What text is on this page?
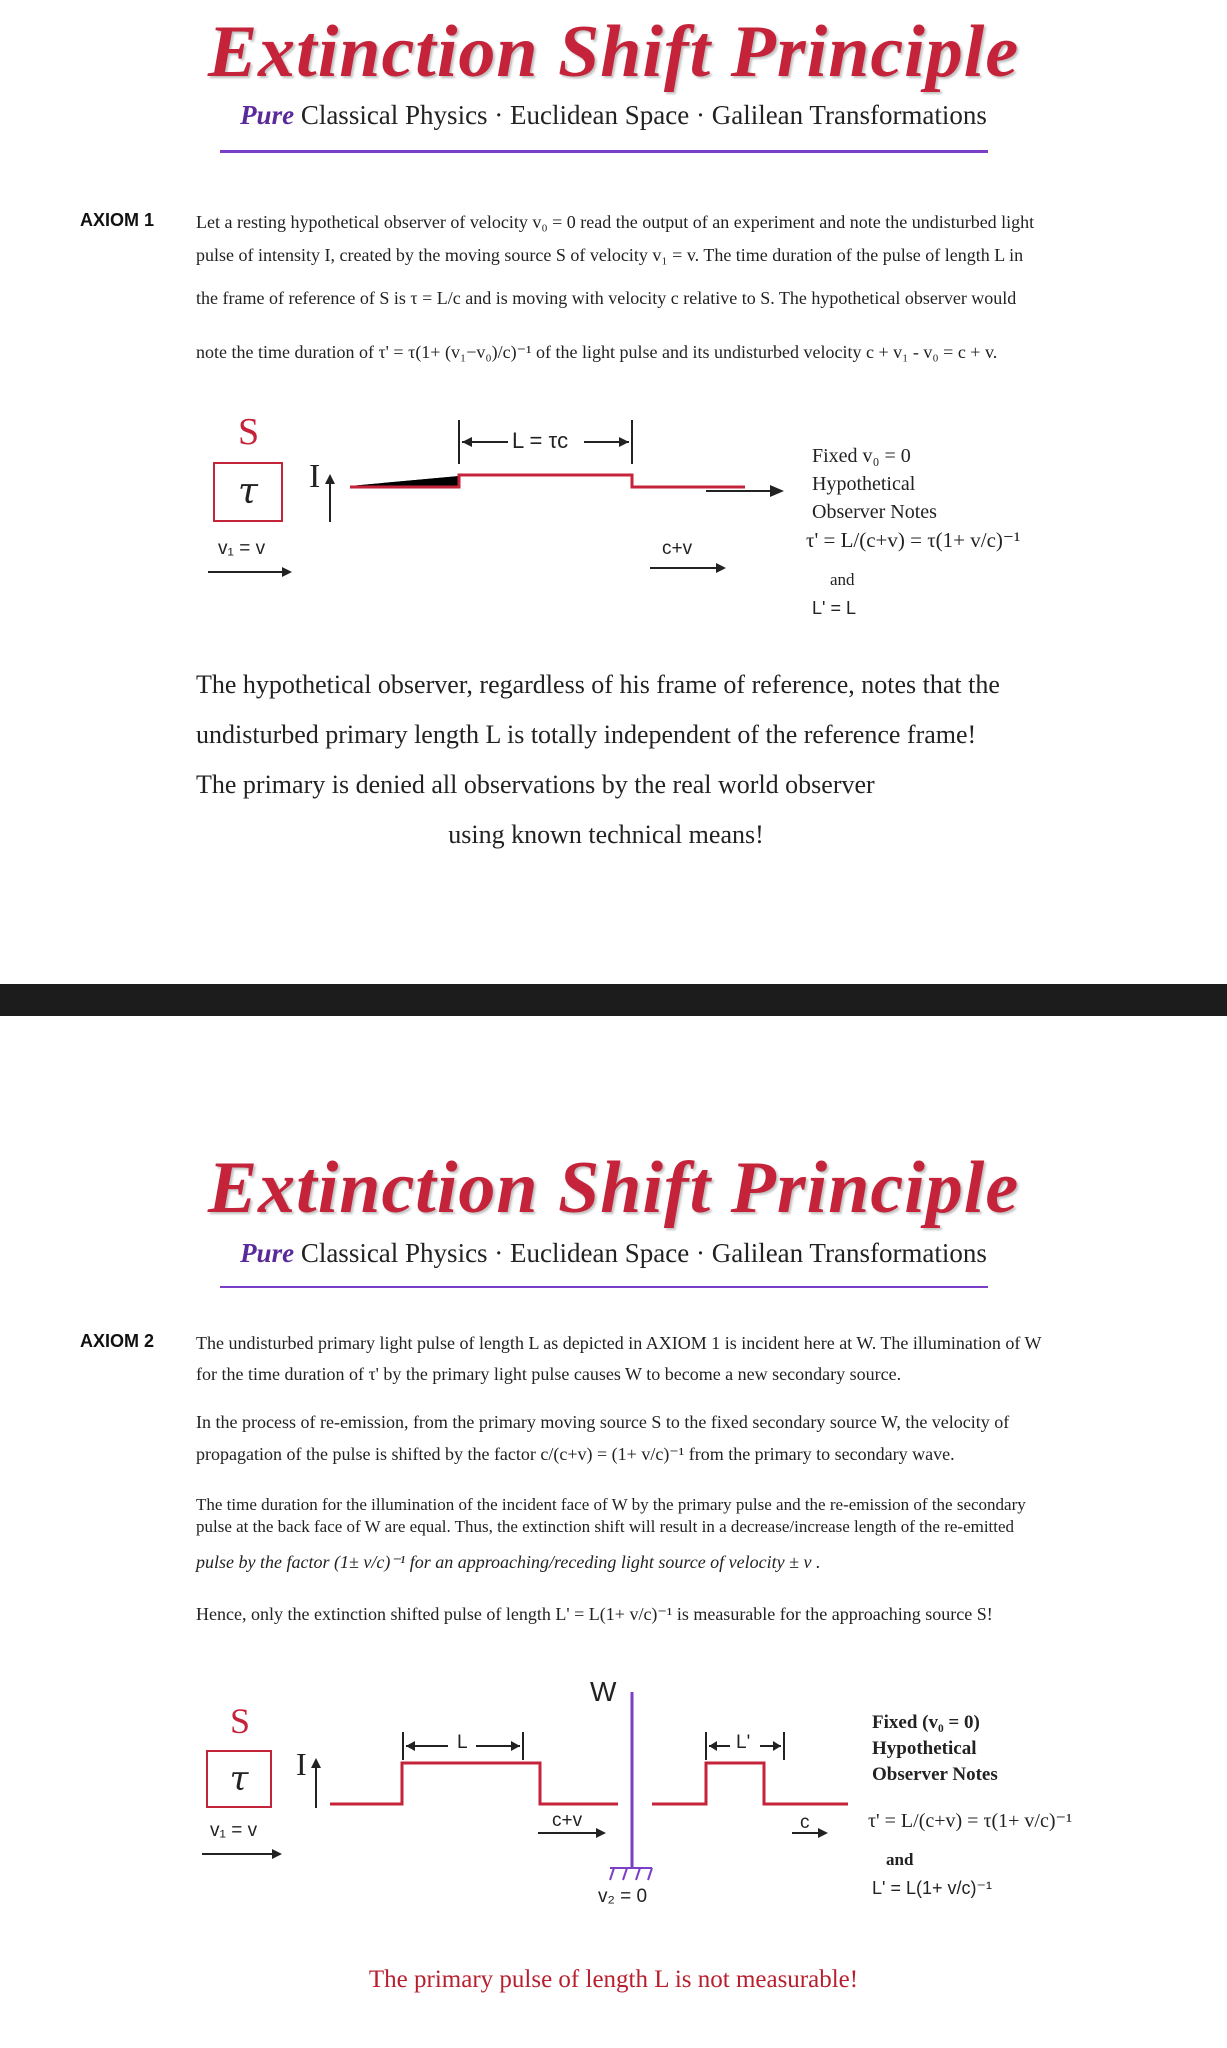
Extinction Shift Principle
Pure Classical Physics · Euclidean Space · Galilean Transformations
AXIOM 1 Let a resting hypothetical observer of velocity v₀ = 0 read the output of an experiment and note the undisturbed light
pulse of intensity I, created by the moving source S of velocity v₁ = v. The time duration of the pulse of length L in
the frame of reference of S is τ = L/c and is moving with velocity c relative to S. The hypothetical observer would
note the time duration of τ' = τ(1+ (v₁−v₀)/c)⁻¹ of the light pulse and its undisturbed velocity c + v₁ - v₀ = c + v.
S
τ
v₁ = v
I
L = τc
c+v
Fixed v₀ = 0
Hypothetical
Observer Notes
τ' = L/(c+v) = τ(1+ v/c)⁻¹
and
L' = L
The hypothetical observer, regardless of his frame of reference, notes that the
undisturbed primary length L is totally independent of the reference frame!
The primary is denied all observations by the real world observer
using known technical means!
Extinction Shift Principle
Pure Classical Physics · Euclidean Space · Galilean Transformations
AXIOM 2 The undisturbed primary light pulse of length L as depicted in AXIOM 1 is incident here at W. The illumination of W
for the time duration of τ' by the primary light pulse causes W to become a new secondary source.
In the process of re-emission, from the primary moving source S to the fixed secondary source W, the velocity of
propagation of the pulse is shifted by the factor c/(c+v) = (1+ v/c)⁻¹ from the primary to secondary wave.
The time duration for the illumination of the incident face of W by the primary pulse and the re-emission of the secondary
pulse at the back face of W are equal. Thus, the extinction shift will result in a decrease/increase length of the re-emitted
pulse by the factor (1± v/c)⁻¹ for an approaching/receding light source of velocity ± v .
Hence, only the extinction shifted pulse of length L' = L(1+ v/c)⁻¹ is measurable for the approaching source S!
S
τ
v₁ = v
I
W
v₂ = 0
L	L'
c+v	c
Fixed (v₀ = 0)
Hypothetical
Observer Notes
τ' = L/(c+v) = τ(1+ v/c)⁻¹
and
L' = L(1+ v/c)⁻¹
The primary pulse of length L is not measurable!
